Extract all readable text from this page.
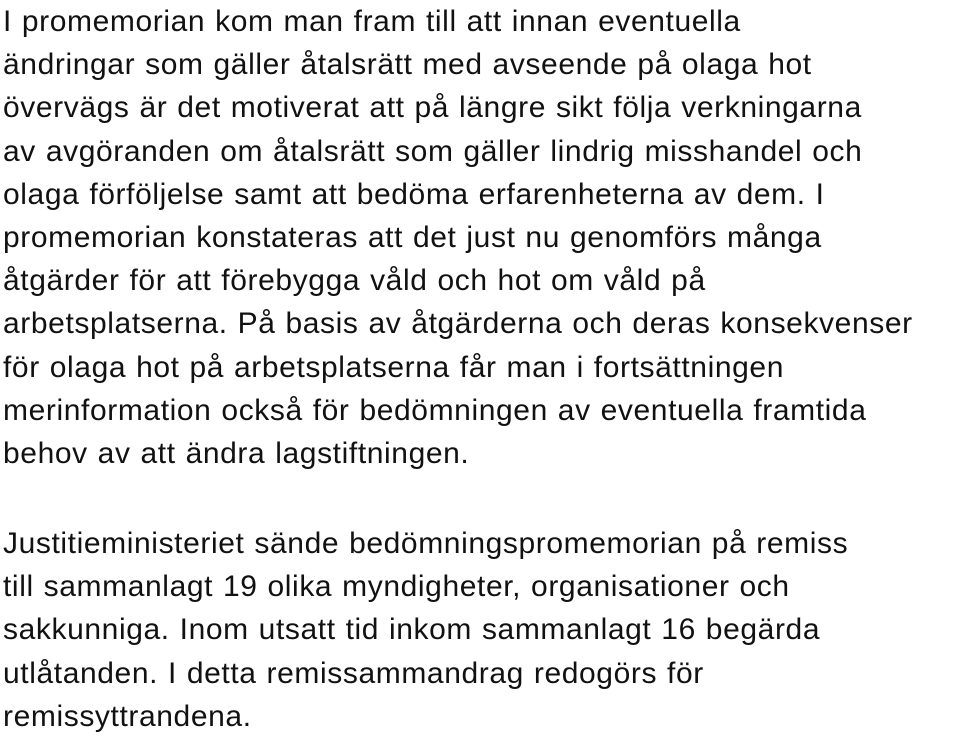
I promemorian kom man fram till att innan eventuella
ändringar som gäller åtalsrätt med avseende på olaga hot
övervägs är det motiverat att på längre sikt följa verkningarna
av avgöranden om åtalsrätt som gäller lindrig misshandel och
olaga förföljelse samt att bedöma erfarenheterna av dem. I
promemorian konstateras att det just nu genomförs många
åtgärder för att förebygga våld och hot om våld på
arbetsplatserna. På basis av åtgärderna och deras konsekvenser
för olaga hot på arbetsplatserna får man i fortsättningen
merinformation också för bedömningen av eventuella framtida
behov av att ändra lagstiftningen.
Justitieministeriet sände bedömningspromemorian på remiss
till sammanlagt 19 olika myndigheter, organisationer och
sakkunniga. Inom utsatt tid inkom sammanlagt 16 begärda
utlåtanden. I detta remissammandrag redogörs för
remissyttrandena.
